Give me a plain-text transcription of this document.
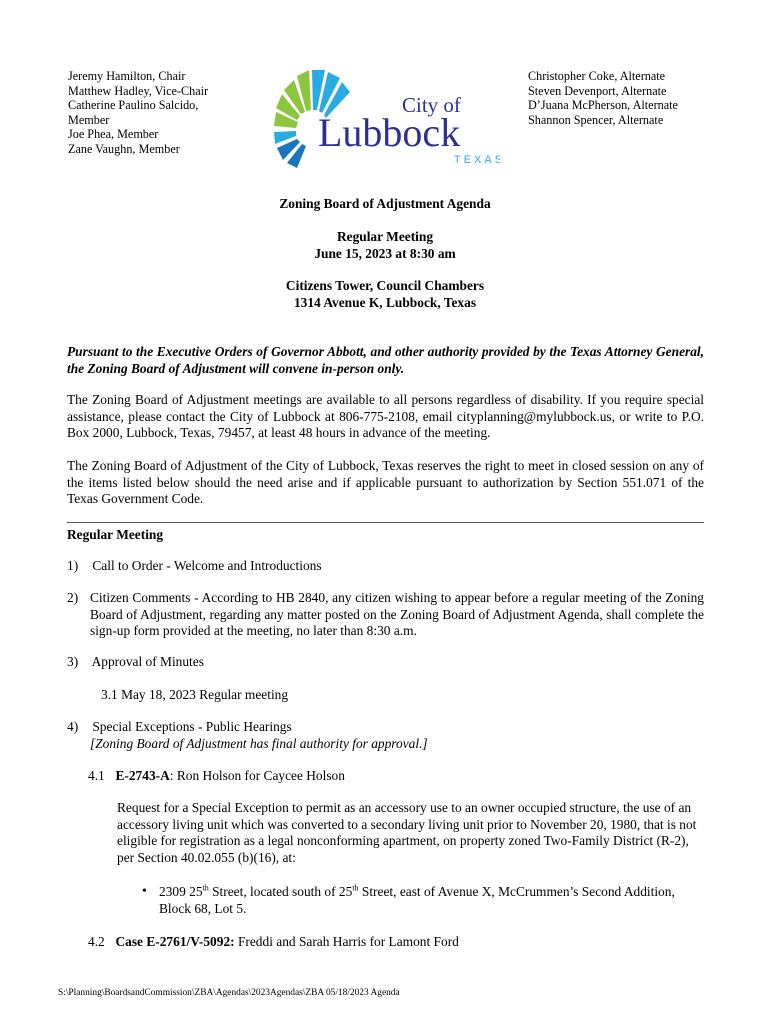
Jeremy Hamilton, Chair
Matthew Hadley, Vice-Chair
Catherine Paulino Salcido,
Member
Joe Phea, Member
Zane Vaughn, Member
City of
Lubbock
TEXAS
Christopher Coke, Alternate
Steven Devenport, Alternate
D’Juana McPherson, Alternate
Shannon Spencer, Alternate
Zoning Board of Adjustment Agenda
Regular Meeting
June 15, 2023 at 8:30 am
Citizens Tower, Council Chambers
1314 Avenue K, Lubbock, Texas
Pursuant to the Executive Orders of Governor Abbott, and other authority provided by the Texas Attorney General, the Zoning Board of Adjustment will convene in-person only.
The Zoning Board of Adjustment meetings are available to all persons regardless of disability. If you require special assistance, please contact the City of Lubbock at 806-775-2108, email cityplanning@mylubbock.us, or write to P.O. Box 2000, Lubbock, Texas, 79457, at least 48 hours in advance of the meeting.
The Zoning Board of Adjustment of the City of Lubbock, Texas reserves the right to meet in closed session on any of the items listed below should the need arise and if applicable pursuant to authorization by Section 551.071 of the Texas Government Code.
Regular Meeting
1) Call to Order - Welcome and Introductions
2) Citizen Comments - According to HB 2840, any citizen wishing to appear before a regular meeting of the Zoning Board of Adjustment, regarding any matter posted on the Zoning Board of Adjustment Agenda, shall complete the sign-up form provided at the meeting, no later than 8:30 a.m.
3) Approval of Minutes
3.1 May 18, 2023 Regular meeting
4) Special Exceptions - Public Hearings
[Zoning Board of Adjustment has final authority for approval.]
4.1 E-2743-A: Ron Holson for Caycee Holson
Request for a Special Exception to permit as an accessory use to an owner occupied structure, the use of an accessory living unit which was converted to a secondary living unit prior to November 20, 1980, that is not eligible for registration as a legal nonconforming apartment, on property zoned Two-Family District (R-2), per Section 40.02.055 (b)(16), at:
• 2309 25th Street, located south of 25th Street, east of Avenue X, McCrummen’s Second Addition, Block 68, Lot 5.
4.2 Case E-2761/V-5092: Freddi and Sarah Harris for Lamont Ford
S:\Planning\BoardsandCommission\ZBA\Agendas\2023Agendas\ZBA 05/18/2023 Agenda
